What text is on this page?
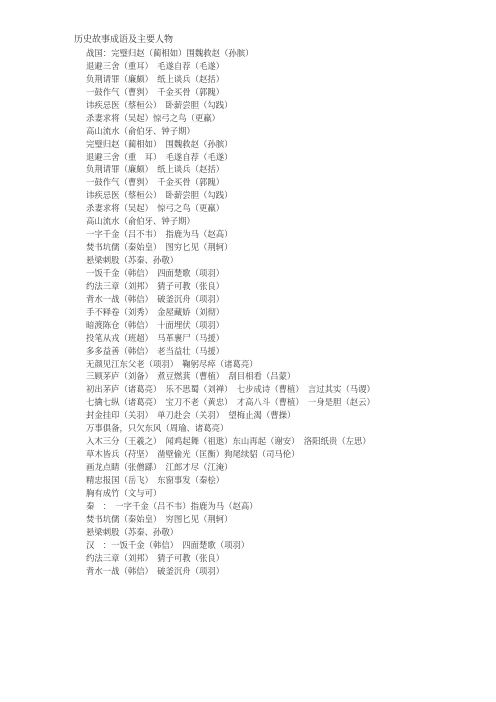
历史故事成语及主要人物
战国：完璧归赵（蔺相如）围魏救赵（孙膑）
退避三舍（重耳）　毛遂自荐（毛遂）
负荆请罪（廉颇）　纸上谈兵（赵括）
一鼓作气（曹刿）　千金买骨（郭隗）
讳疾忌医（蔡桓公）　卧薪尝胆（勾践）
杀妻求将（吴起）惊弓之鸟（更羸）
高山流水（俞伯牙、钟子期）
完璧归赵（蔺相如）　围魏救赵（孙膑）
退避三舍（重　耳）　毛遂自荐（毛遂）
负荆请罪（廉颇）　纸上谈兵（赵括）
一鼓作气（曹刿）　千金买骨（郭隗）
讳疾忌医（蔡桓公）　卧薪尝胆（勾践）
杀妻求将（吴起）　惊弓之鸟（更羸）
高山流水（俞伯牙、钟子期）
一字千金（吕不韦）　指鹿为马（赵高）
焚书坑儒（秦始皇）　图穷匕见（荆轲）
悬梁刺股（苏秦、孙敬）
一饭千金（韩信）　四面楚歌（项羽）
约法三章（刘邦）　猜子可教（张良）
背水一战（韩信）　破釜沉舟（项羽）
手不释卷（刘秀）　金屋藏娇（刘彻）
暗渡陈仓（韩信）　十面埋伏（项羽）
投笔从戎（班超）　马革裹尸（马援）
多多益善（韩信）　老当益壮（马援）
无颜见江东父老（项羽）　鞠躬尽瘁（诸葛亮）
三顾茅庐（刘备）　煮豆燃萁（曹植）　刮目相看（吕蒙）
初出茅庐（诸葛亮）　乐不思蜀（刘禅）　七步成诗（曹植）　言过其实（马谡）
七擒七纵（诸葛亮）　宝刀不老（黄忠）　才高八斗（曹植）　一身是胆（赵云）
封金挂印（关羽）　单刀赴会（关羽）　望梅止渴（曹操）
万事俱备，只欠东风（周瑜、诸葛亮）
入木三分（王羲之）　闻鸡起舞（祖逖）东山再起（谢安）　洛阳纸贵（左思）
草木皆兵（苻坚）　凿壁偷光（匡衡）狗尾续貂（司马伦）
画龙点睛（张僧繇）　江郎才尽（江淹）
精忠报国（岳飞）　东窗事发（秦桧）
胸有成竹（文与可）
秦　：　一字千金（吕不韦）指鹿为马（赵高）
焚书坑儒（秦始皇）　穷图匕见（荆轲）
悬梁刺股（苏秦、孙敬）
汉　：一饭千金（韩信）　四面楚歌（项羽）
约法三章（刘邦）　猜子可教（张良）
背水一战（韩信）　破釜沉舟（项羽）
